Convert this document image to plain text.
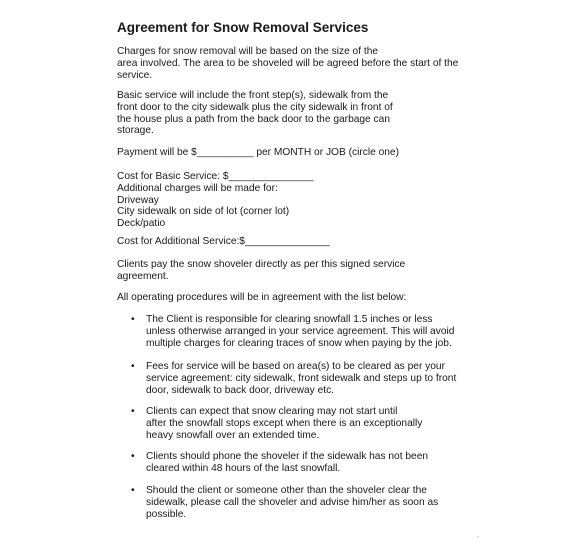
Agreement for Snow Removal Services
Charges for snow removal will be based on the size of the
area involved. The area to be shoveled will be agreed before the start of the
service.
Basic service will include the front step(s), sidewalk from the
front door to the city sidewalk plus the city sidewalk in front of
the house plus a path from the back door to the garbage can
storage.
Payment will be $__________ per MONTH or JOB (circle one)
Cost for Basic Service: $_______________
Additional charges will be made for:
Driveway
City sidewalk on side of lot (corner lot)
Deck/patio
Cost for Additional Service:$_______________
Clients pay the snow shoveler directly as per this signed service
agreement.
All operating procedures will be in agreement with the list below:
•	The Client is responsible for clearing snowfall 1.5 inches or less
unless otherwise arranged in your service agreement. This will avoid
multiple charges for clearing traces of snow when paying by the job.
•	Fees for service will be based on area(s) to be cleared as per your
service agreement: city sidewalk, front sidewalk and steps up to front
door, sidewalk to back door, driveway etc.
•	Clients can expect that snow clearing may not start until
after the snowfall stops except when there is an exceptionally
heavy snowfall over an extended time.
•	Clients should phone the shoveler if the sidewalk has not been
cleared within 48 hours of the last snowfall.
•	Should the client or someone other than the shoveler clear the
sidewalk, please call the shoveler and advise him/her as soon as
possible.
.
